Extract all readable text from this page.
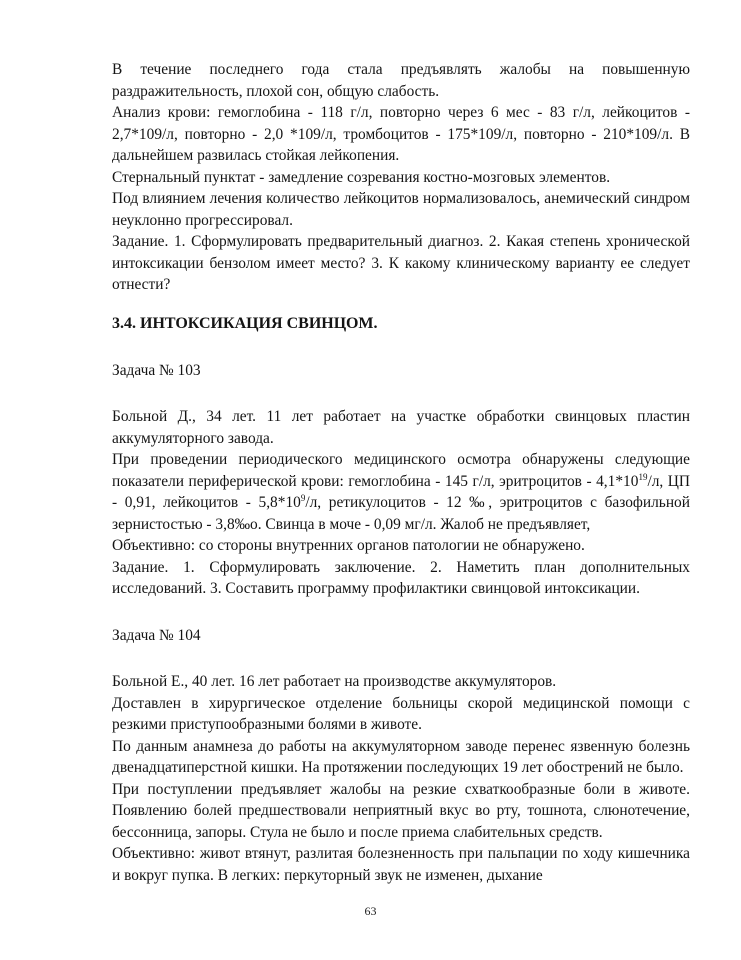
В течение последнего года стала предъявлять жалобы на повышенную раздражительность, плохой сон, общую слабость.

Анализ крови: гемоглобина - 118 г/л, повторно через 6 мес - 83 г/л, лейкоцитов - 2,7*109/л, повторно - 2,0 *109/л, тромбоцитов - 175*109/л, повторно - 210*109/л. В дальнейшем развилась стойкая лейкопения.

Стернальный пунктат - замедление созревания костно-мозговых элементов.

Под влиянием лечения количество лейкоцитов нормализовалось, анемический синдром неуклонно прогрессировал.

Задание. 1. Сформулировать предварительный диагноз. 2. Какая степень хронической интоксикации бензолом имеет место? 3. К какому клиническому варианту ее следует отнести?

3.4. ИНТОКСИКАЦИЯ СВИНЦОМ.

Задача № 103

Больной Д., 34 лет. 11 лет работает на участке обработки свинцовых пластин аккумуляторного завода.

При проведении периодического медицинского осмотра обнаружены следующие показатели периферической крови: гемоглобина - 145 г/л, эритроцитов - $4,1*10^{19}/л$, ЦП - 0,91, лейкоцитов - $5,8*10^9/л$, ретикулоцитов - 12 ‰, эритроцитов с базофильной зернистостью - 3,8‰о. Свинца в моче - 0,09 мг/л. Жалоб не предъявляет,

Объективно: со стороны внутренних органов патологии не обнаружено.

Задание. 1. Сформулировать заключение. 2. Наметить план дополнительных исследований. 3. Составить программу профилактики свинцовой интоксикации.

Задача № 104

Больной Е., 40 лет. 16 лет работает на производстве аккумуляторов.

Доставлен в хирургическое отделение больницы скорой медицинской помощи с резкими приступообразными болями в животе.

По данным анамнеза до работы на аккумуляторном заводе перенес язвенную болезнь двенадцатиперстной кишки. На протяжении последующих 19 лет обострений не было.

При поступлении предъявляет жалобы на резкие схваткообразные боли в животе. Появлению болей предшествовали неприятный вкус во рту, тошнота, слюнотечение, бессонница, запоры. Стула не было и после приема слабительных средств.

Объективно: живот втянут, разлитая болезненность при пальпации по ходу кишечника и вокруг пупка. В легких: перкуторный звук не изменен, дыхание

63
